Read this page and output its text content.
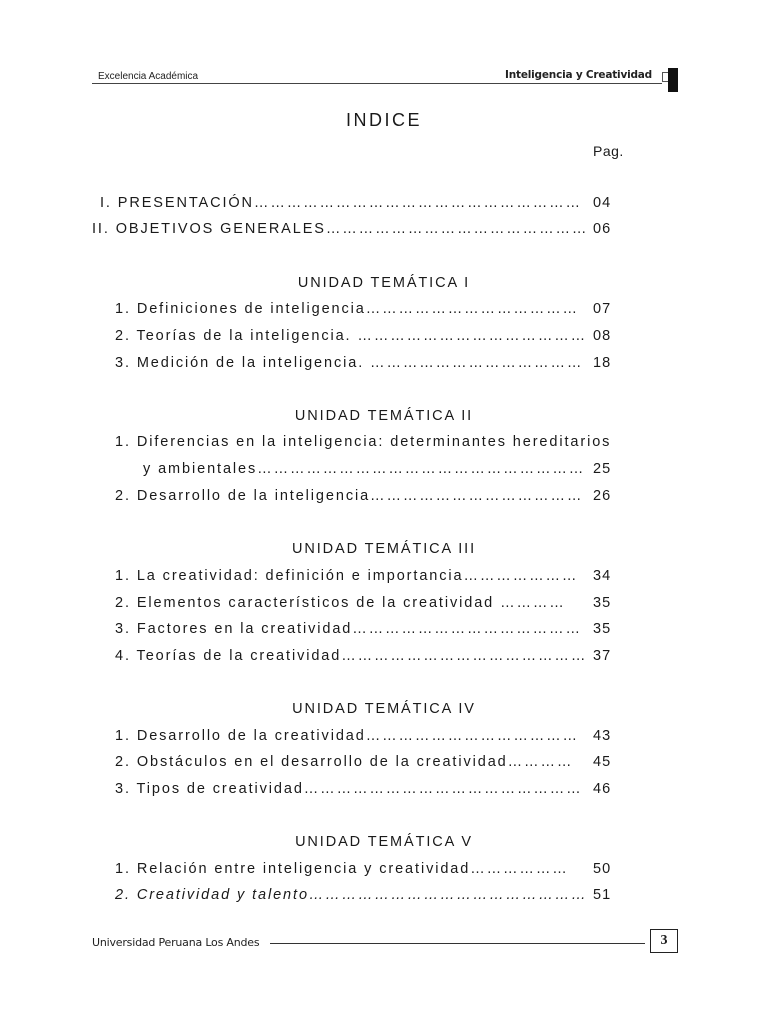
Excelencia Académica	Inteligencia y Creatividad
INDICE
Pag.
I. PRESENTACIÓN…………………………………………………… 04
II. OBJETIVOS GENERALES………………………………………… 06
UNIDAD TEMÁTICA I
1. Definiciones de inteligencia………………………………… 07
2. Teorías de la inteligencia. …………………………………… 08
3. Medición de la inteligencia. ………………………………… 18
UNIDAD TEMÁTICA II
1. Diferencias en la inteligencia: determinantes hereditarios
y ambientales…………………………………………………… 25
2. Desarrollo de la inteligencia………………………………… 26
UNIDAD TEMÁTICA III
1. La creatividad: definición e importancia………………… 34
2. Elementos característicos de la creatividad ………… 35
3. Factores en la creatividad…………………………………… 35
4. Teorías de la creatividad……………………………………… 37
UNIDAD TEMÁTICA IV
1. Desarrollo de la creatividad………………………………… 43
2. Obstáculos en el desarrollo de la creatividad………… 45
3. Tipos de creatividad…………………………………………… 46
UNIDAD TEMÁTICA V
1. Relación entre inteligencia y creatividad……………… 50
2. Creatividad y talento…………………………………………… 51
Universidad Peruana Los Andes	3
